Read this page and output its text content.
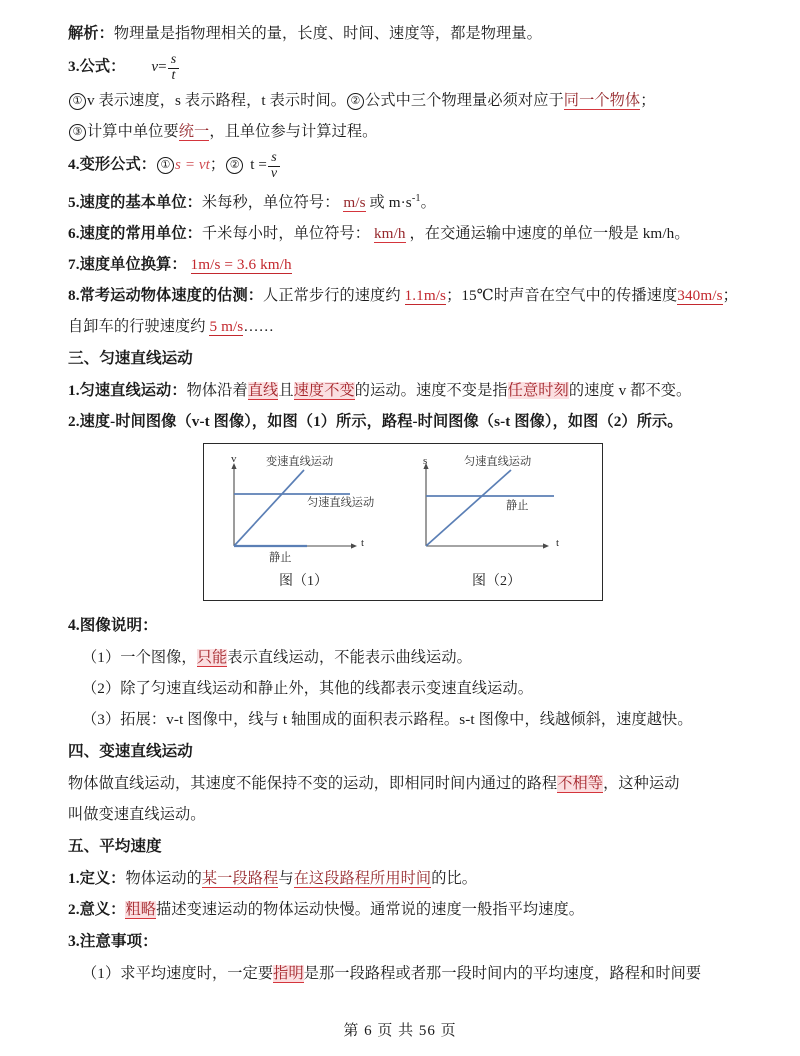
解析：物理量是指物理相关的量，长度、时间、速度等，都是物理量。
3.公式： $v= \frac{s}{t}$
① v 表示速度，s 表示路程，t 表示时间。 ② 公式中三个物理量必须对应于同一个物体；
③ 计算中单位要统一，且单位参与计算过程。
4.变形公式： ① s = vt； ② $t = \frac{s}{v}$
5.速度的基本单位：米每秒，单位符号： m/s 或 $m\cdot s^{-1}$。
6.速度的常用单位：千米每小时，单位符号： km/h ，在交通运输中速度的单位一般是 km/h。
7.速度单位换算： 1m/s = 3.6 km/h
8.常考运动物体速度的估测：人正常步行的速度约 1.1m/s；15℃时声音在空气中的传播速度340m/s；自卸车的行驶速度约 5 m/s……
三、匀速直线运动
1.匀速直线运动：物体沿着直线且速度不变的运动。速度不变是指任意时刻的速度 v 都不变。
2.速度-时间图像（v-t 图像），如图（1）所示，路程-时间图像（s-t 图像），如图（2）所示。
v
t
变速直线运动
匀速直线运动
静止
图（1）
s
t
匀速直线运动
静止
图（2）
4.图像说明：
（1）一个图像，只能表示直线运动，不能表示曲线运动。
（2）除了匀速直线运动和静止外，其他的线都表示变速直线运动。
（3）拓展：v-t 图像中，线与 t 轴围成的面积表示路程。s-t 图像中，线越倾斜，速度越快。
四、变速直线运动
物体做直线运动，其速度不能保持不变的运动，即相同时间内通过的路程不相等，这种运动
叫做变速直线运动。
五、平均速度
1.定义：物体运动的某一段路程与在这段路程所用时间的比。
2.意义：粗略描述变速运动的物体运动快慢。通常说的速度一般指平均速度。
3.注意事项：
（1）求平均速度时，一定要指明是那一段路程或者那一段时间内的平均速度，路程和时间要
第 6 页 共 56 页
